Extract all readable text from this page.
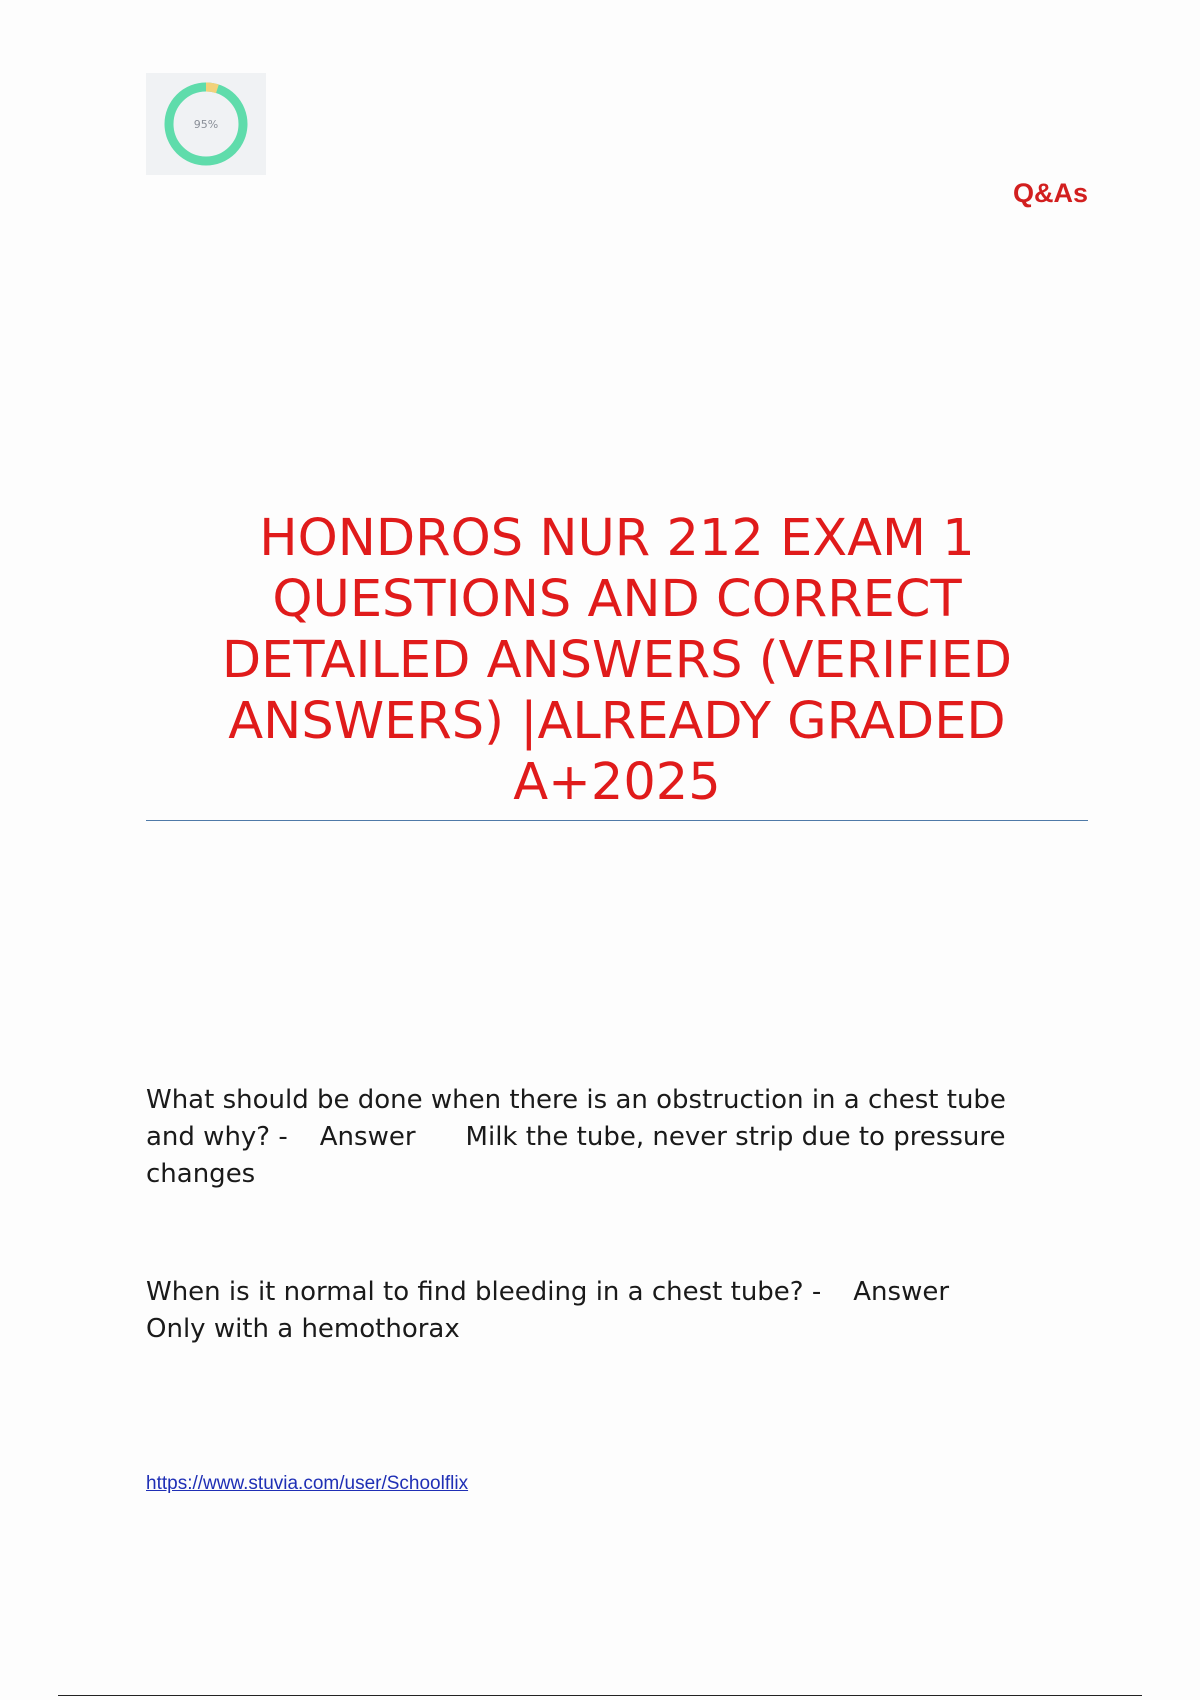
95%
Q&As
HONDROS NUR 212 EXAM 1
QUESTIONS AND CORRECT
DETAILED ANSWERS (VERIFIED
ANSWERS) |ALREADY GRADED
A+2025
What should be done when there is an obstruction in a chest tube
and why? - Answer Milk the tube, never strip due to pressure
changes
When is it normal to find bleeding in a chest tube? - Answer
Only with a hemothorax
https://www.stuvia.com/user/Schoolflix
